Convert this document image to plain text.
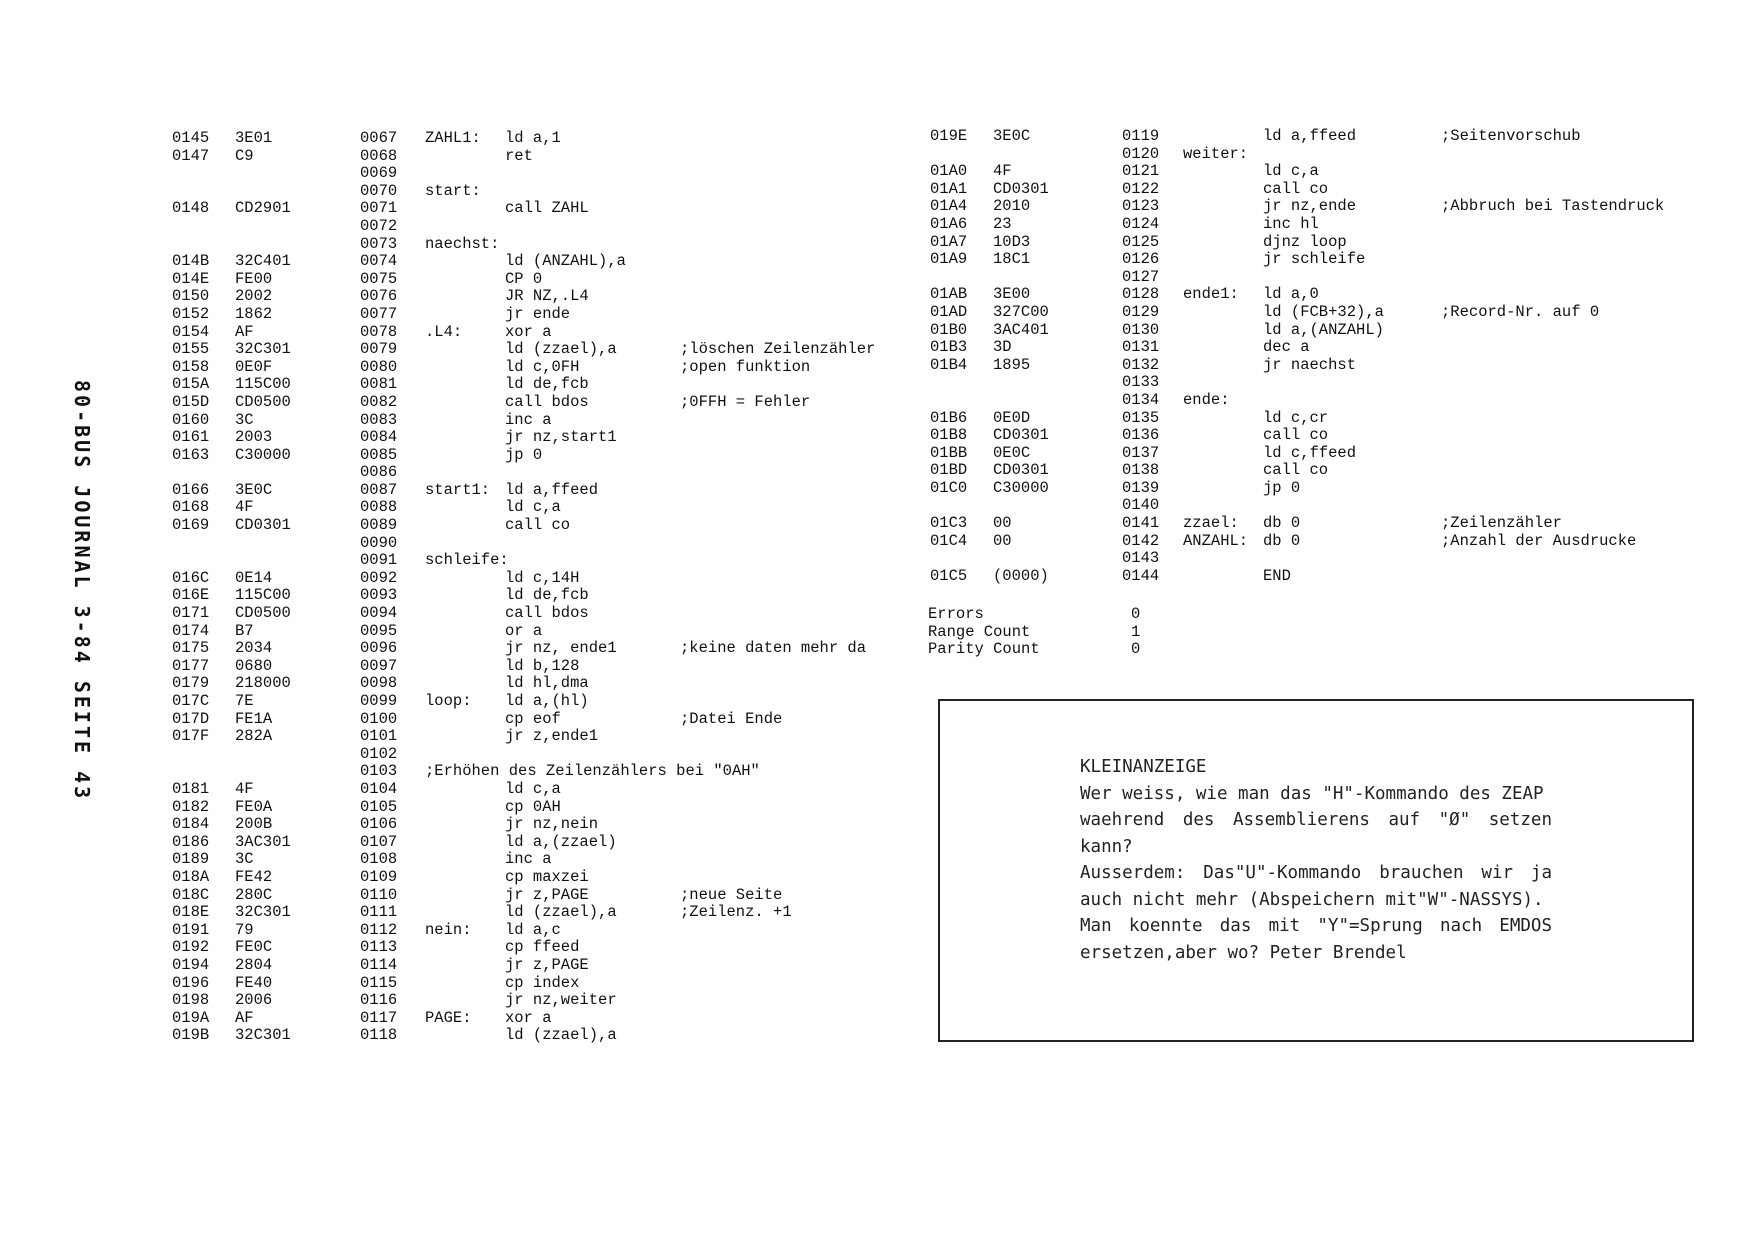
80-BUS JOURNAL 3-84 SEITE 43
0145 3E01	0067 ZAHL1: ld a,1
0147 C9	0068	ret
0069
0070 start:
0148 CD2901	0071	call ZAHL
0072
0073 naechst:
014B 32C401	0074	ld (ANZAHL),a
014E FE00	0075	CP 0
0150 2002	0076	JR NZ,.L4
0152 1862	0077	jr ende
0154 AF	0078 .L4:	xor a
0155 32C301	0079	ld (zzael),a	;löschen Zeilenzähler
0158 0E0F	0080	ld c,0FH	;open funktion
015A 115C00	0081	ld de,fcb
015D CD0500	0082	call bdos	;0FFH = Fehler
0160 3C	0083	inc a
0161 2003	0084	jr nz,start1
0163 C30000	0085	jp 0
0086
0166 3E0C	0087 start1: ld a,ffeed
0168 4F	0088	ld c,a
0169 CD0301	0089	call co
0090
0091 schleife:
016C 0E14	0092	ld c,14H
016E 115C00	0093	ld de,fcb
0171 CD0500	0094	call bdos
0174 B7	0095	or a
0175 2034	0096	jr nz, ende1	;keine daten mehr da
0177 0680	0097	ld b,128
0179 218000	0098	ld hl,dma
017C 7E	0099 loop: ld a,(hl)
017D FE1A	0100	cp eof	;Datei Ende
017F 282A	0101	jr z,ende1
0102
0103 ;Erhöhen des Zeilenzählers bei "0AH"
0181 4F	0104	ld c,a
0182 FE0A	0105	cp 0AH
0184 200B	0106	jr nz,nein
0186 3AC301	0107	ld a,(zzael)
0189 3C	0108	inc a
018A FE42	0109	cp maxzei
018C 280C	0110	jr z,PAGE	;neue Seite
018E 32C301	0111	ld (zzael),a	;Zeilenz. +1
0191 79	0112 nein: ld a,c
0192 FE0C	0113	cp ffeed
0194 2804	0114	jr z,PAGE
0196 FE40	0115	cp index
0198 2006	0116	jr nz,weiter
019A AF	0117 PAGE: xor a
019B 32C301	0118	ld (zzael),a
019E 3E0C	0119	ld a,ffeed	;Seitenvorschub
0120 weiter:
01A0 4F	0121	ld c,a
01A1 CD0301	0122	call co
01A4 2010	0123	jr nz,ende	;Abbruch bei Tastendruck
01A6 23	0124	inc hl
01A7 10D3	0125	djnz loop
01A9 18C1	0126	jr schleife
0127
01AB 3E00	0128 ende1: ld a,0
01AD 327C00	0129	ld (FCB+32),a	;Record-Nr. auf 0
01B0 3AC401	0130	ld a,(ANZAHL)
01B3 3D	0131	dec a
01B4 1895	0132	jr naechst
0133
0134 ende:
01B6 0E0D	0135	ld c,cr
01B8 CD0301	0136	call co
01BB 0E0C	0137	ld c,ffeed
01BD CD0301	0138	call co
01C0 C30000	0139	jp 0
0140
01C3 00	0141 zzael: db 0	;Zeilenzähler
01C4 00	0142 ANZAHL: db 0	;Anzahl der Ausdrucke
0143
01C5 (0000)	0144	END
Errors	0
Range Count	1
Parity Count	0
KLEINANZEIGE
Wer weiss, wie man das "H"-Kommando des ZEAP
waehrend des Assemblierens auf "Ø" setzen
kann?
Ausserdem: Das"U"-Kommando brauchen wir ja
auch nicht mehr (Abspeichern mit"W"-NASSYS).
Man koennte das mit "Y"=Sprung nach EMDOS
ersetzen,aber wo? Peter Brendel
